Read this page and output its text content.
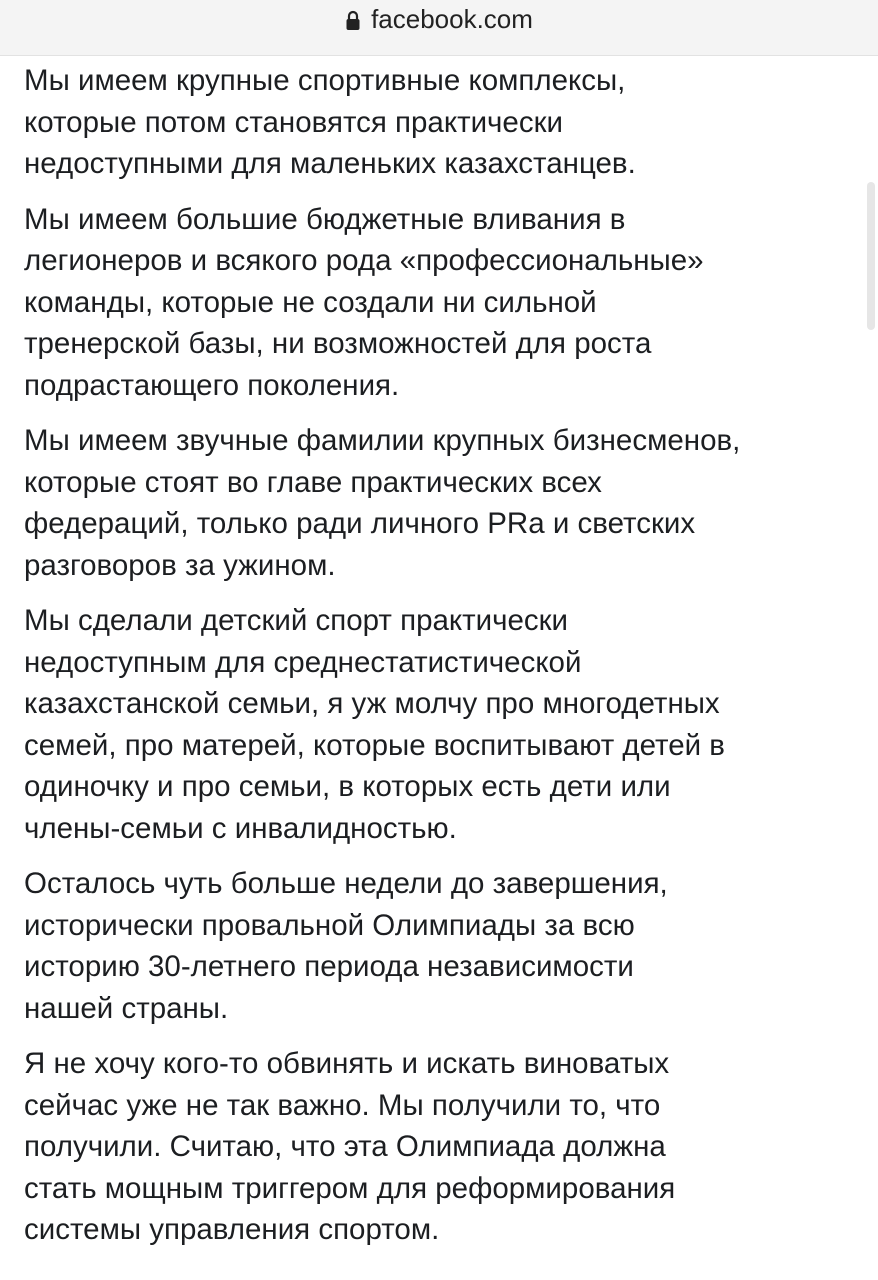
facebook.com

Мы имеем крупные спортивные комплексы,
которые потом становятся практически
недоступными для маленьких казахстанцев.

Мы имеем большие бюджетные вливания в
легионеров и всякого рода «профессиональные»
команды, которые не создали ни сильной
тренерской базы, ни возможностей для роста
подрастающего поколения.

Мы имеем звучные фамилии крупных бизнесменов,
которые стоят во главе практических всех
федераций, только ради личного PRа и светских
разговоров за ужином.

Мы сделали детский спорт практически
недоступным для среднестатистической
казахстанской семьи, я уж молчу про многодетных
семей, про матерей, которые воспитывают детей в
одиночку и про семьи, в которых есть дети или
члены-семьи с инвалидностью.

Осталось чуть больше недели до завершения,
исторически провальной Олимпиады за всю
историю 30-летнего периода независимости
нашей страны.

Я не хочу кого-то обвинять и искать виноватых
сейчас уже не так важно. Мы получили то, что
получили. Считаю, что эта Олимпиада должна
стать мощным триггером для реформирования
системы управления спортом.
